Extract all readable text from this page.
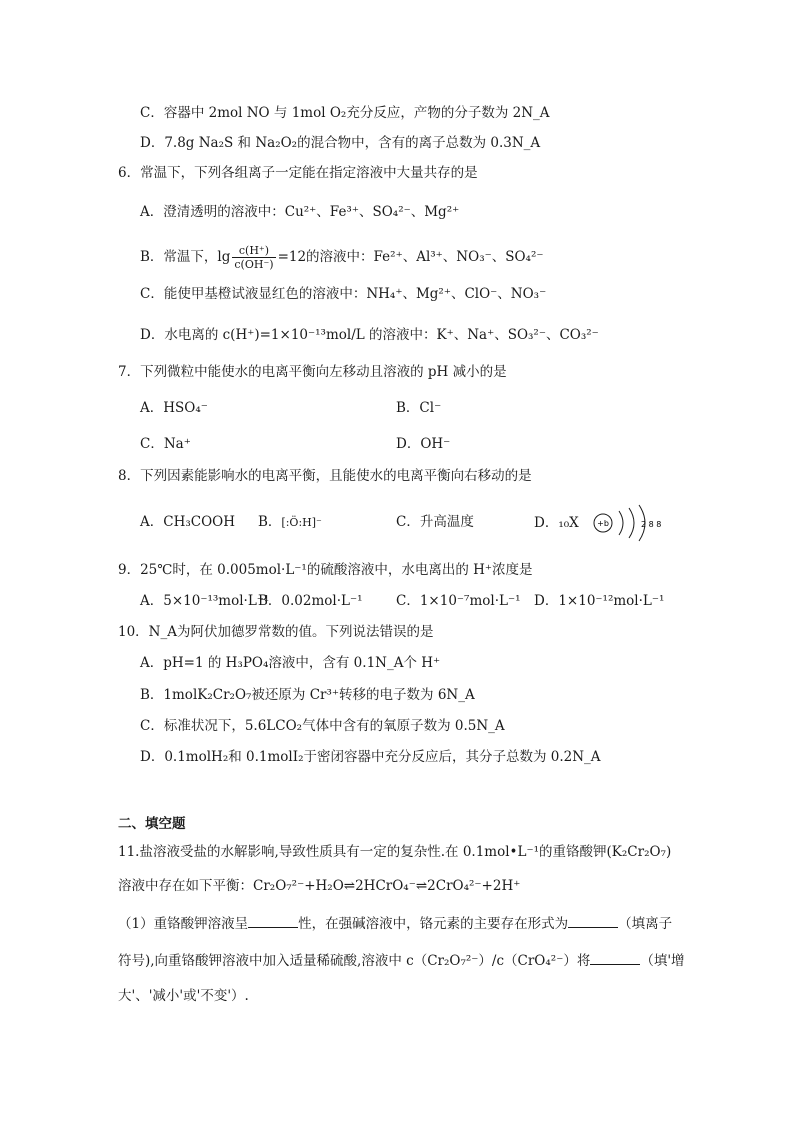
C．容器中 2mol NO 与 1mol O₂充分反应，产物的分子数为 2N_A
D．7.8g Na₂S 和 Na₂O₂的混合物中，含有的离子总数为 0.3N_A
6．常温下，下列各组离子一定能在指定溶液中大量共存的是
A．澄清透明的溶液中：Cu²⁺、Fe³⁺、SO₄²⁻、Mg²⁺
B．常温下，$\lg \frac{c(H^+)}{c(OH^-)} =12$的溶液中：Fe²⁺、Al³⁺、NO₃⁻、SO₄²⁻
C．能使甲基橙试液显红色的溶液中：NH₄⁺、Mg²⁺、ClO⁻、NO₃⁻
D．水电离的 c(H⁺)=1×10⁻¹³mol/L 的溶液中：K⁺、Na⁺、SO₃²⁻、CO₃²⁻
7．下列微粒中能使水的电离平衡向左移动且溶液的 pH 减小的是
A．HSO₄⁻	B．Cl⁻
C．Na⁺	D．OH⁻
8．下列因素能影响水的电离平衡，且能使水的电离平衡向右移动的是
A．CH₃COOH B．[:Ö:H]⁻	C．升高温度	D．₁₀X +b	2 8 8
9．25℃时，在 0.005mol·L⁻¹的硫酸溶液中，水电离出的 H⁺浓度是
A．5×10⁻¹³mol·L⁻¹
B．0.02mol·L⁻¹ C．1×10⁻⁷mol·L⁻¹ D．1×10⁻¹²mol·L⁻¹
10．N_A为阿伏加德罗常数的值。下列说法错误的是
A．pH=1 的 H₃PO₄溶液中，含有 0.1N_A个 H⁺
B．1molK₂Cr₂O₇被还原为 Cr³⁺转移的电子数为 6N_A
C．标准状况下，5.6LCO₂气体中含有的氧原子数为 0.5N_A
D．0.1molH₂和 0.1molI₂于密闭容器中充分反应后，其分子总数为 0.2N_A
二、填空题
11.盐溶液受盐的水解影响,导致性质具有一定的复杂性.在 0.1mol•L⁻¹的重铬酸钾(K₂Cr₂O₇)
溶液中存在如下平衡：Cr₂O₇²⁻+H₂O⇌2HCrO₄⁻⇌2CrO₄²⁻+2H⁺
（1）重铬酸钾溶液呈	性，在强碱溶液中，铬元素的主要存在形式为	（填离子
符号),向重铬酸钾溶液中加入适量稀硫酸,溶液中 c（Cr₂O₇²⁻）/c（CrO₄²⁻）将	（填'增
大'、'减小'或'不变'）.
